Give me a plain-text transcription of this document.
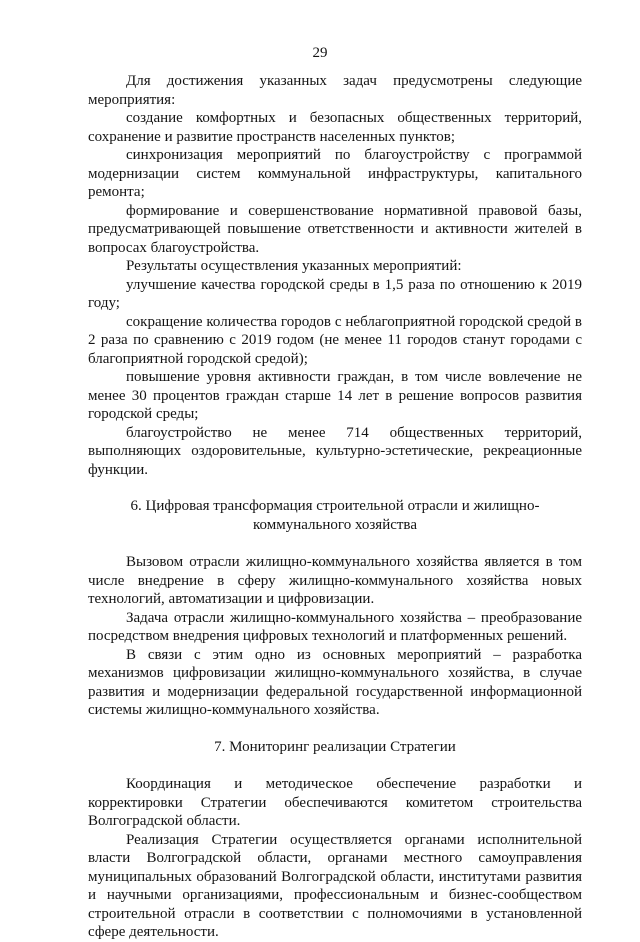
29

Для достижения указанных задач предусмотрены следующие мероприятия:

создание комфортных и безопасных общественных территорий, сохранение и развитие пространств населенных пунктов;

синхронизация мероприятий по благоустройству с программой модернизации систем коммунальной инфраструктуры, капитального ремонта;

формирование и совершенствование нормативной правовой базы, предусматривающей повышение ответственности и активности жителей в вопросах благоустройства.

Результаты осуществления указанных мероприятий:

улучшение качества городской среды в 1,5 раза по отношению к 2019 году;

сокращение количества городов с неблагоприятной городской средой в 2 раза по сравнению с 2019 годом (не менее 11 городов станут городами с благоприятной городской средой);

повышение уровня активности граждан, в том числе вовлечение не менее 30 процентов граждан старше 14 лет в решение вопросов развития городской среды;

благоустройство не менее 714 общественных территорий, выполняющих оздоровительные, культурно-эстетические, рекреационные функции.

6. Цифровая трансформация строительной отрасли и жилищно-коммунального хозяйства

Вызовом отрасли жилищно-коммунального хозяйства является в том числе внедрение в сферу жилищно-коммунального хозяйства новых технологий, автоматизации и цифровизации.

Задача отрасли жилищно-коммунального хозяйства – преобразование посредством внедрения цифровых технологий и платформенных решений.

В связи с этим одно из основных мероприятий – разработка механизмов цифровизации жилищно-коммунального хозяйства, в случае развития и модернизации федеральной государственной информационной системы жилищно-коммунального хозяйства.

7. Мониторинг реализации Стратегии

Координация и методическое обеспечение разработки и корректировки Стратегии обеспечиваются комитетом строительства Волгоградской области.

Реализация Стратегии осуществляется органами исполнительной власти Волгоградской области, органами местного самоуправления муниципальных образований Волгоградской области, институтами развития и научными организациями, профессиональным и бизнес-сообществом строительной отрасли в соответствии с полномочиями в установленной сфере деятельности.
